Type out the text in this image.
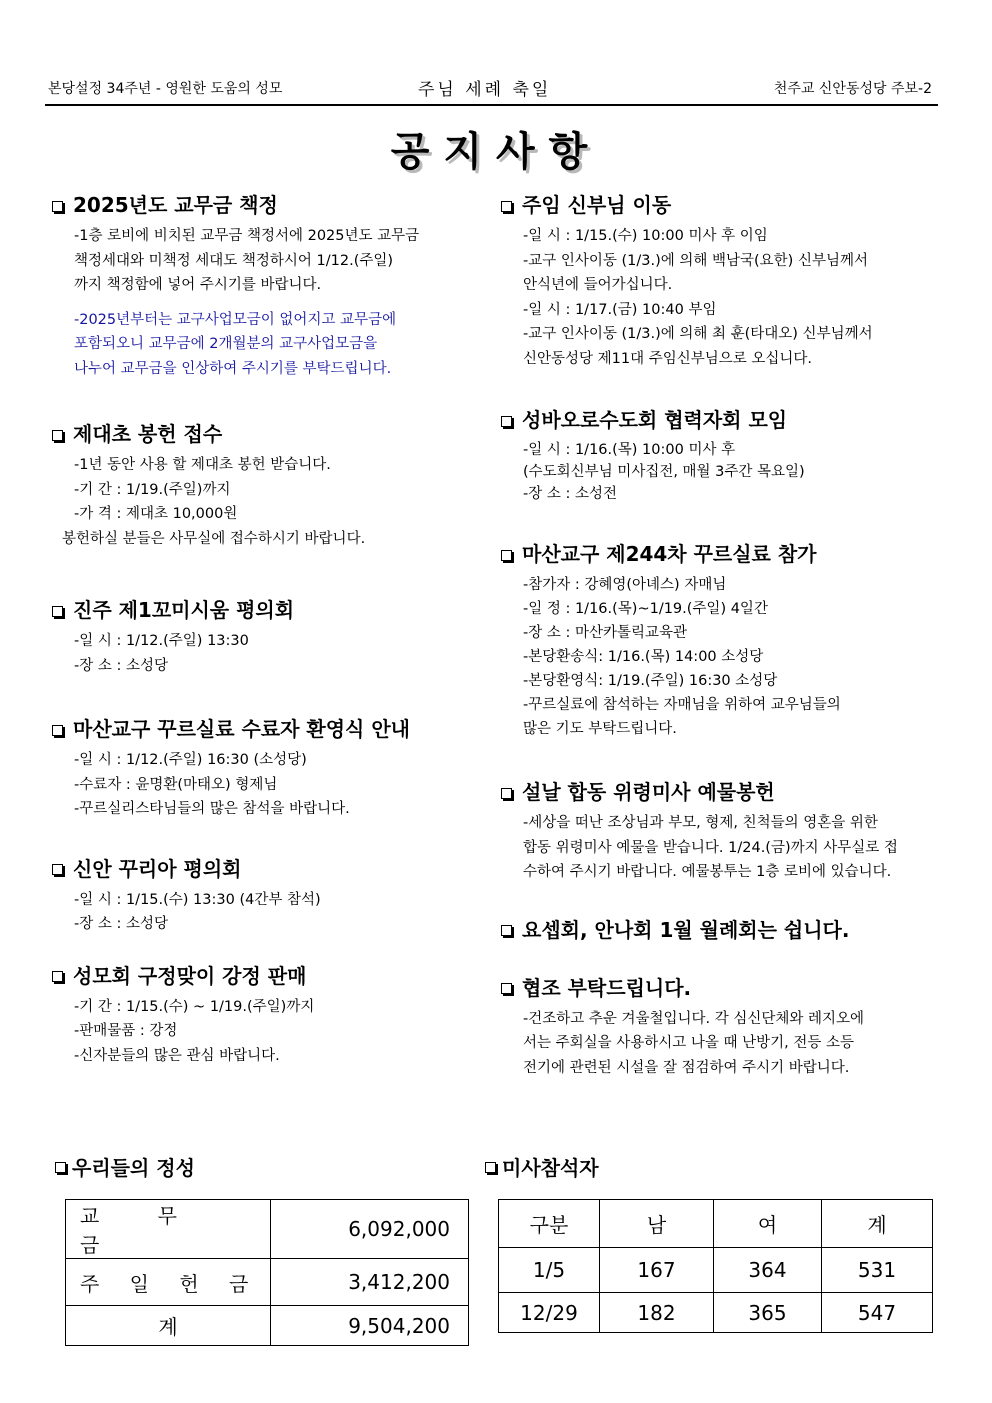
본당설정 34주년 - 영원한 도움의 성모	주님 세례 축일	천주교 신안동성당 주보-2
공지사항
2025년도 교무금 책정
-1층 로비에 비치된 교무금 책정서에 2025년도 교무금
책정세대와 미책정 세대도 책정하시어 1/12.(주일)
까지 책정함에 넣어 주시기를 바랍니다.
-2025년부터는 교구사업모금이 없어지고 교무금에
포함되오니 교무금에 2개월분의 교구사업모금을
나누어 교무금을 인상하여 주시기를 부탁드립니다.
제대초 봉헌 접수
-1년 동안 사용 할 제대초 봉헌 받습니다.
-기 간 : 1/19.(주일)까지
-가 격 : 제대초 10,000원
봉헌하실 분들은 사무실에 접수하시기 바랍니다.
진주 제1꼬미시움 평의회
-일 시 : 1/12.(주일) 13:30
-장 소 : 소성당
마산교구 꾸르실료 수료자 환영식 안내
-일 시 : 1/12.(주일) 16:30 (소성당)
-수료자 : 윤명환(마태오) 형제님
-꾸르실리스타님들의 많은 참석을 바랍니다.
신안 꾸리아 평의회
-일 시 : 1/15.(수) 13:30 (4간부 참석)
-장 소 : 소성당
성모회 구정맞이 강정 판매
-기 간 : 1/15.(수) ~ 1/19.(주일)까지
-판매물품 : 강정
-신자분들의 많은 관심 바랍니다.
주임 신부님 이동
-일 시 : 1/15.(수) 10:00 미사 후 이임
-교구 인사이동 (1/3.)에 의해 백남국(요한) 신부님께서
안식년에 들어가십니다.
-일 시 : 1/17.(금) 10:40 부임
-교구 인사이동 (1/3.)에 의해 최 훈(타대오) 신부님께서
신안동성당 제11대 주임신부님으로 오십니다.
성바오로수도회 협력자회 모임
-일 시 : 1/16.(목) 10:00 미사 후
(수도회신부님 미사집전, 매월 3주간 목요일)
-장 소 : 소성전
마산교구 제244차 꾸르실료 참가
-참가자 : 강혜영(아녜스) 자매님
-일 정 : 1/16.(목)~1/19.(주일) 4일간
-장 소 : 마산카톨릭교육관
-본당환송식: 1/16.(목) 14:00 소성당
-본당환영식: 1/19.(주일) 16:30 소성당
-꾸르실료에 참석하는 자매님을 위하여 교우님들의
많은 기도 부탁드립니다.
설날 합동 위령미사 예물봉헌
-세상을 떠난 조상님과 부모, 형제, 친척들의 영혼을 위한
합동 위령미사 예물을 받습니다. 1/24.(금)까지 사무실로 접
수하여 주시기 바랍니다. 예물봉투는 1층 로비에 있습니다.
요셉회, 안나회 1월 월례회는 쉽니다.
협조 부탁드립니다.
-건조하고 추운 겨울철입니다. 각 심신단체와 레지오에
서는 주회실을 사용하시고 나올 때 난방기, 전등 소등
전기에 관련된 시설을 잘 점검하여 주시기 바랍니다.
우리들의 정성
교 무 금	6,092,000
주 일 헌 금	3,412,200
계	9,504,200
미사참석자
구분	남	여	계
1/5	167	364	531
12/29	182	365	547
